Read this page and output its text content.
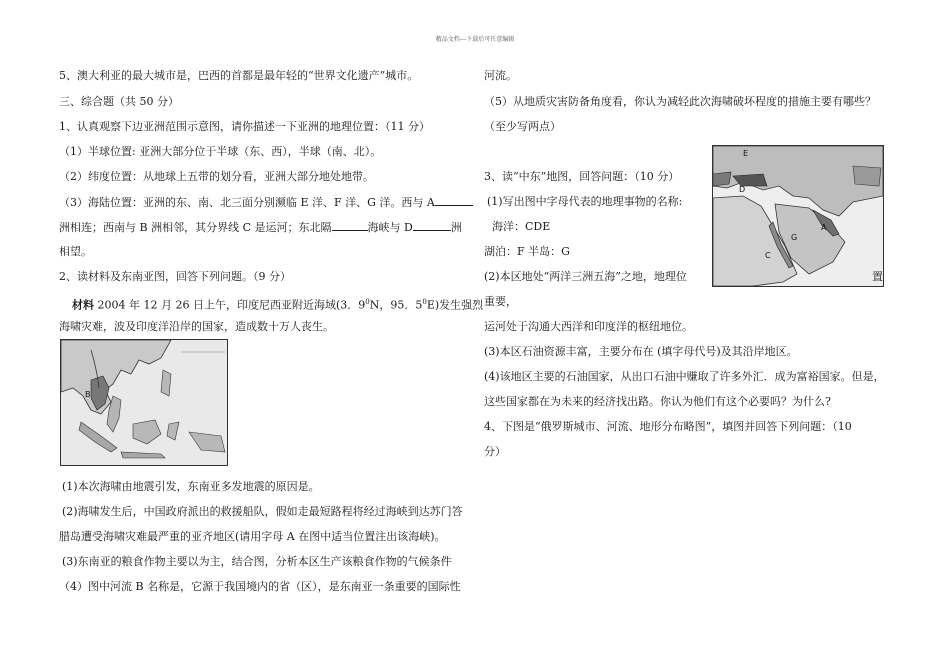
精品文档---下载后可任意编辑
5、澳大利亚的最大城市是，巴西的首都是最年轻的“世界文化遗产”城市。
三、综合题（共 50 分）
1、认真观察下边亚洲范围示意图，请你描述一下亚洲的地理位置：（11 分）
（1）半球位置: 亚洲大部分位于半球（东、西），半球（南、北）。
（2）纬度位置：从地球上五带的划分看，亚洲大部分地处地带。
（3）海陆位置：亚洲的东、南、北三面分别濒临 E 洋、F 洋、G 洋。西与 A
洲相连；西南与 B 洲相邻，其分界线 C 是运河；东北隔	海峡与 D	洲
相望。
2、读材料及东南亚图，回答下列问题。（9 分）
材料 2004 年 12 月 26 日上午，印度尼西亚附近海域(3．$9^0N$，95．$5^0E$)发生强烈
海啸灾难，波及印度洋沿岸的国家，造成数十万人丧生。
B
(1)本次海啸由地震引发，东南亚多发地震的原因是。
(2)海啸发生后，中国政府派出的救援船队，假如走最短路程将经过海峡到达苏门答
腊岛遭受海啸灾难最严重的亚齐地区(请用字母 A 在图中适当位置注出该海峡)。
(3)东南亚的粮食作物主要以为主，结合图，分析本区生产该粮食作物的气候条件
（4）图中河流 B 名称是，它源于我国境内的省（区），是东南亚一条重要的国际性
河流。
（5）从地质灾害防备角度看，你认为减轻此次海啸破坏程度的措施主要有哪些？
（至少写两点）
E
D
C
G
A
3、读“中东”地图，回答问题：（10 分）
(1)写出图中字母代表的地理事物的名称:
海洋：CDE
湖泊：F 半岛：G
(2)本区地处“两洋三洲五海”之地，地理位	置
重要，
运河处于沟通大西洋和印度洋的枢纽地位。
(3)本区石油资源丰富，主要分布在 (填字母代号)及其沿岸地区。
(4)该地区主要的石油国家，从出口石油中赚取了许多外汇．成为富裕国家。但是，
这些国家都在为未来的经济找出路。你认为他们有这个必要吗？为什么?
4、下图是“俄罗斯城市、河流、地形分布略图”，填图并回答下列问题：（10
分）
